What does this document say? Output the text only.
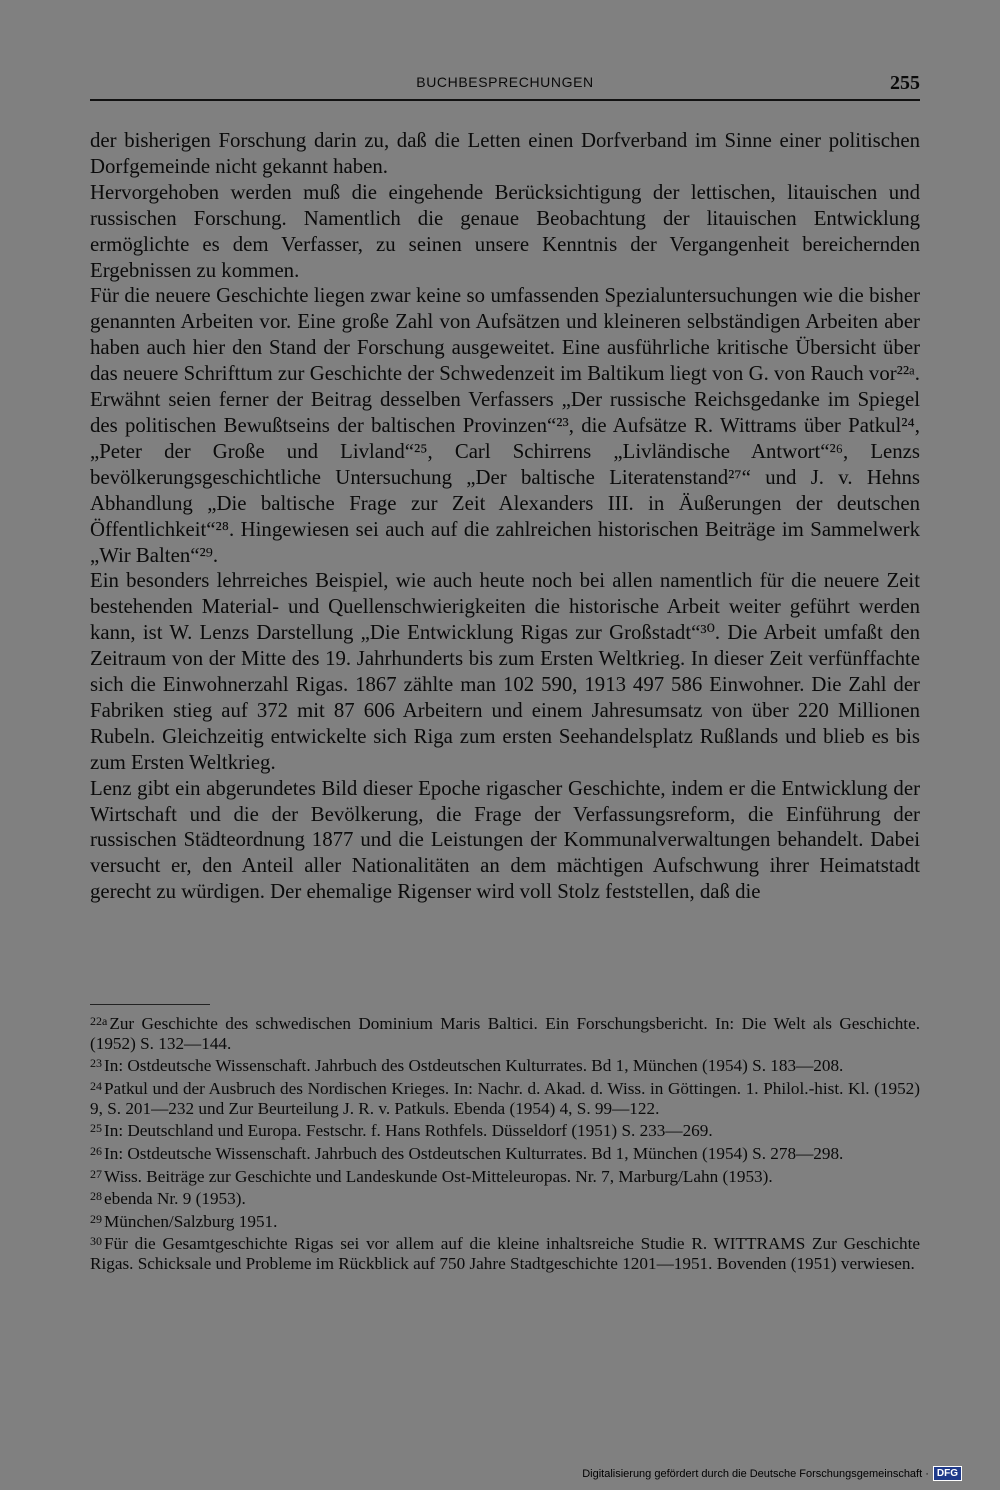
BUCHBESPRECHUNGEN	255

der bisherigen Forschung darin zu, daß die Letten einen Dorfverband im Sinne einer politischen Dorfgemeinde nicht gekannt haben.

Hervorgehoben werden muß die eingehende Berücksichtigung der lettischen, litauischen und russischen Forschung. Namentlich die genaue Beobachtung der litauischen Entwicklung ermöglichte es dem Verfasser, zu seinen unsere Kenntnis der Vergangenheit bereichernden Ergebnissen zu kommen.

Für die neuere Geschichte liegen zwar keine so umfassenden Spezialuntersuchungen wie die bisher genannten Arbeiten vor. Eine große Zahl von Aufsätzen und kleineren selbständigen Arbeiten aber haben auch hier den Stand der Forschung ausgeweitet. Eine ausführliche kritische Übersicht über das neuere Schrifttum zur Geschichte der Schwedenzeit im Baltikum liegt von G. von Rauch vor²²ᵃ. Erwähnt seien ferner der Beitrag desselben Verfassers „Der russische Reichsgedanke im Spiegel des politischen Bewußtseins der baltischen Provinzen“²³, die Aufsätze R. Wittrams über Patkul²⁴, „Peter der Große und Livland“²⁵, Carl Schirrens „Livländische Antwort“²⁶, Lenzs bevölkerungsgeschichtliche Untersuchung „Der baltische Literatenstand²⁷“ und J. v. Hehns Abhandlung „Die baltische Frage zur Zeit Alexanders III. in Äußerungen der deutschen Öffentlichkeit“²⁸. Hingewiesen sei auch auf die zahlreichen historischen Beiträge im Sammelwerk „Wir Balten“²⁹.

Ein besonders lehrreiches Beispiel, wie auch heute noch bei allen namentlich für die neuere Zeit bestehenden Material- und Quellenschwierigkeiten die historische Arbeit weiter geführt werden kann, ist W. Lenzs Darstellung „Die Entwicklung Rigas zur Großstadt“³⁰. Die Arbeit umfaßt den Zeitraum von der Mitte des 19. Jahrhunderts bis zum Ersten Weltkrieg. In dieser Zeit verfünffachte sich die Einwohnerzahl Rigas. 1867 zählte man 102 590, 1913 497 586 Einwohner. Die Zahl der Fabriken stieg auf 372 mit 87 606 Arbeitern und einem Jahresumsatz von über 220 Millionen Rubeln. Gleichzeitig entwickelte sich Riga zum ersten Seehandelsplatz Rußlands und blieb es bis zum Ersten Weltkrieg.

Lenz gibt ein abgerundetes Bild dieser Epoche rigascher Geschichte, indem er die Entwicklung der Wirtschaft und die der Bevölkerung, die Frage der Verfassungsreform, die Einführung der russischen Städteordnung 1877 und die Leistungen der Kommunalverwaltungen behandelt. Dabei versucht er, den Anteil aller Nationalitäten an dem mächtigen Aufschwung ihrer Heimatstadt gerecht zu würdigen. Der ehemalige Rigenser wird voll Stolz feststellen, daß die

$^{22a}$ Zur Geschichte des schwedischen Dominium Maris Baltici. Ein Forschungsbericht. In: Die Welt als Geschichte. (1952) S. 132—144.

$^{23}$ In: Ostdeutsche Wissenschaft. Jahrbuch des Ostdeutschen Kulturrates. Bd 1, München (1954) S. 183—208.

$^{24}$ Patkul und der Ausbruch des Nordischen Krieges. In: Nachr. d. Akad. d. Wiss. in Göttingen. 1. Philol.-hist. Kl. (1952) 9, S. 201—232 und Zur Beurteilung J. R. v. Patkuls. Ebenda (1954) 4, S. 99—122.

$^{25}$ In: Deutschland und Europa. Festschr. f. Hans Rothfels. Düsseldorf (1951) S. 233—269.

$^{26}$ In: Ostdeutsche Wissenschaft. Jahrbuch des Ostdeutschen Kulturrates. Bd 1, München (1954) S. 278—298.

$^{27}$ Wiss. Beiträge zur Geschichte und Landeskunde Ost-Mitteleuropas. Nr. 7, Marburg/Lahn (1953).

$^{28}$ ebenda Nr. 9 (1953).

$^{29}$ München/Salzburg 1951.

$^{30}$ Für die Gesamtgeschichte Rigas sei vor allem auf die kleine inhaltsreiche Studie R. WITTRAMS Zur Geschichte Rigas. Schicksale und Probleme im Rückblick auf 750 Jahre Stadtgeschichte 1201—1951. Bovenden (1951) verwiesen.

Digitalisierung gefördert durch die Deutsche Forschungsgemeinschaft · DFG
